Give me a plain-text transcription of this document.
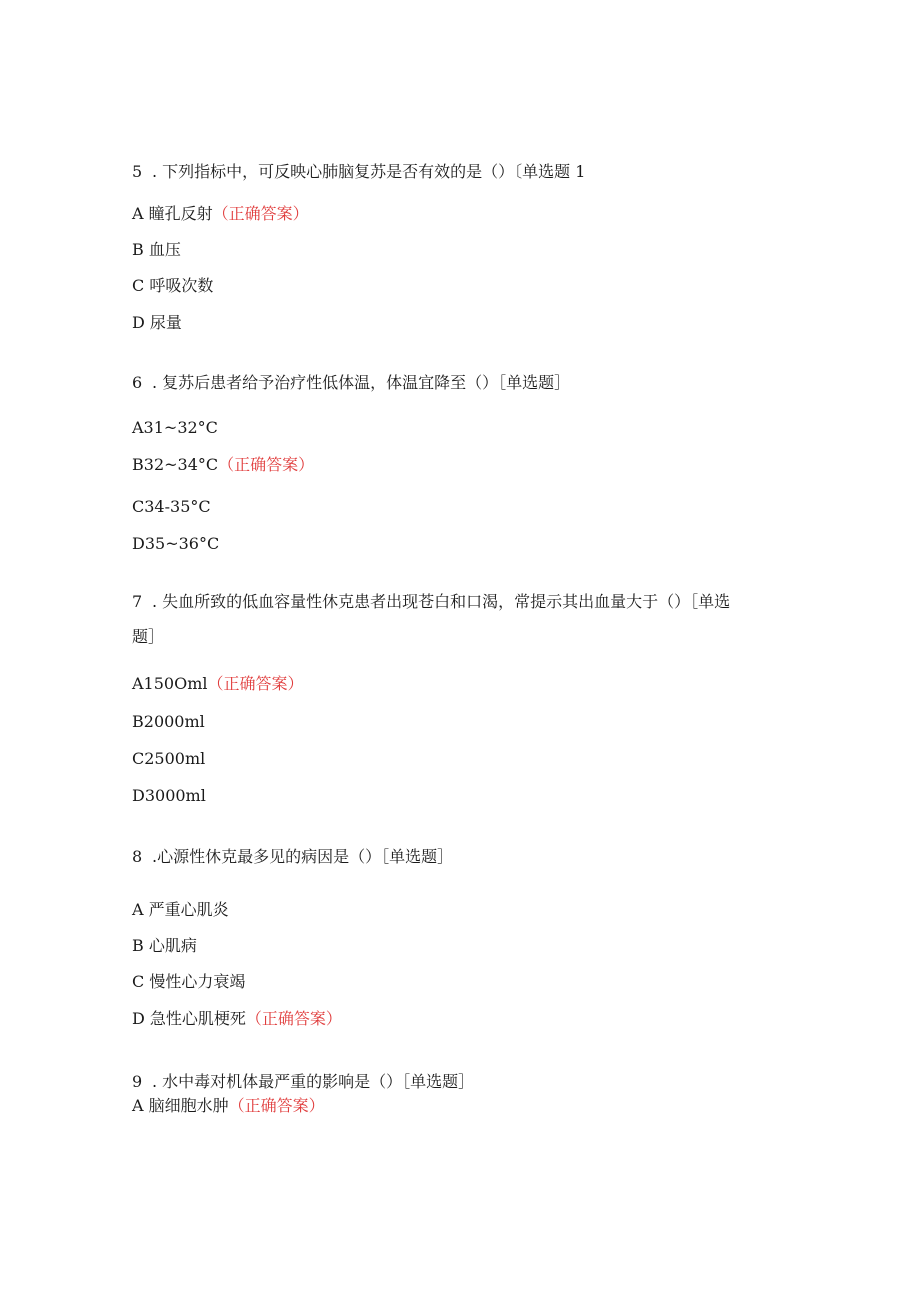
5 . 下列指标中，可反映心肺脑复苏是否有效的是（）〔单选题 1
A 瞳孔反射（正确答案）
B 血压
C 呼吸次数
D 尿量
6 . 复苏后患者给予治疗性低体温，体温宜降至（）［单选题］
A31~32°C
B32~34°C（正确答案）
C34-35°C
D35~36°C
7 . 失血所致的低血容量性休克患者出现苍白和口渴，常提示其出血量大于（）［单选
题］
A150Oml（正确答案）
B2000ml
C2500ml
D3000ml
8 .心源性休克最多见的病因是（）［单选题］
A 严重心肌炎
B 心肌病
C 慢性心力衰竭
D 急性心肌梗死（正确答案）
9 . 水中毒对机体最严重的影响是（）［单选题］
A 脑细胞水肿（正确答案）
